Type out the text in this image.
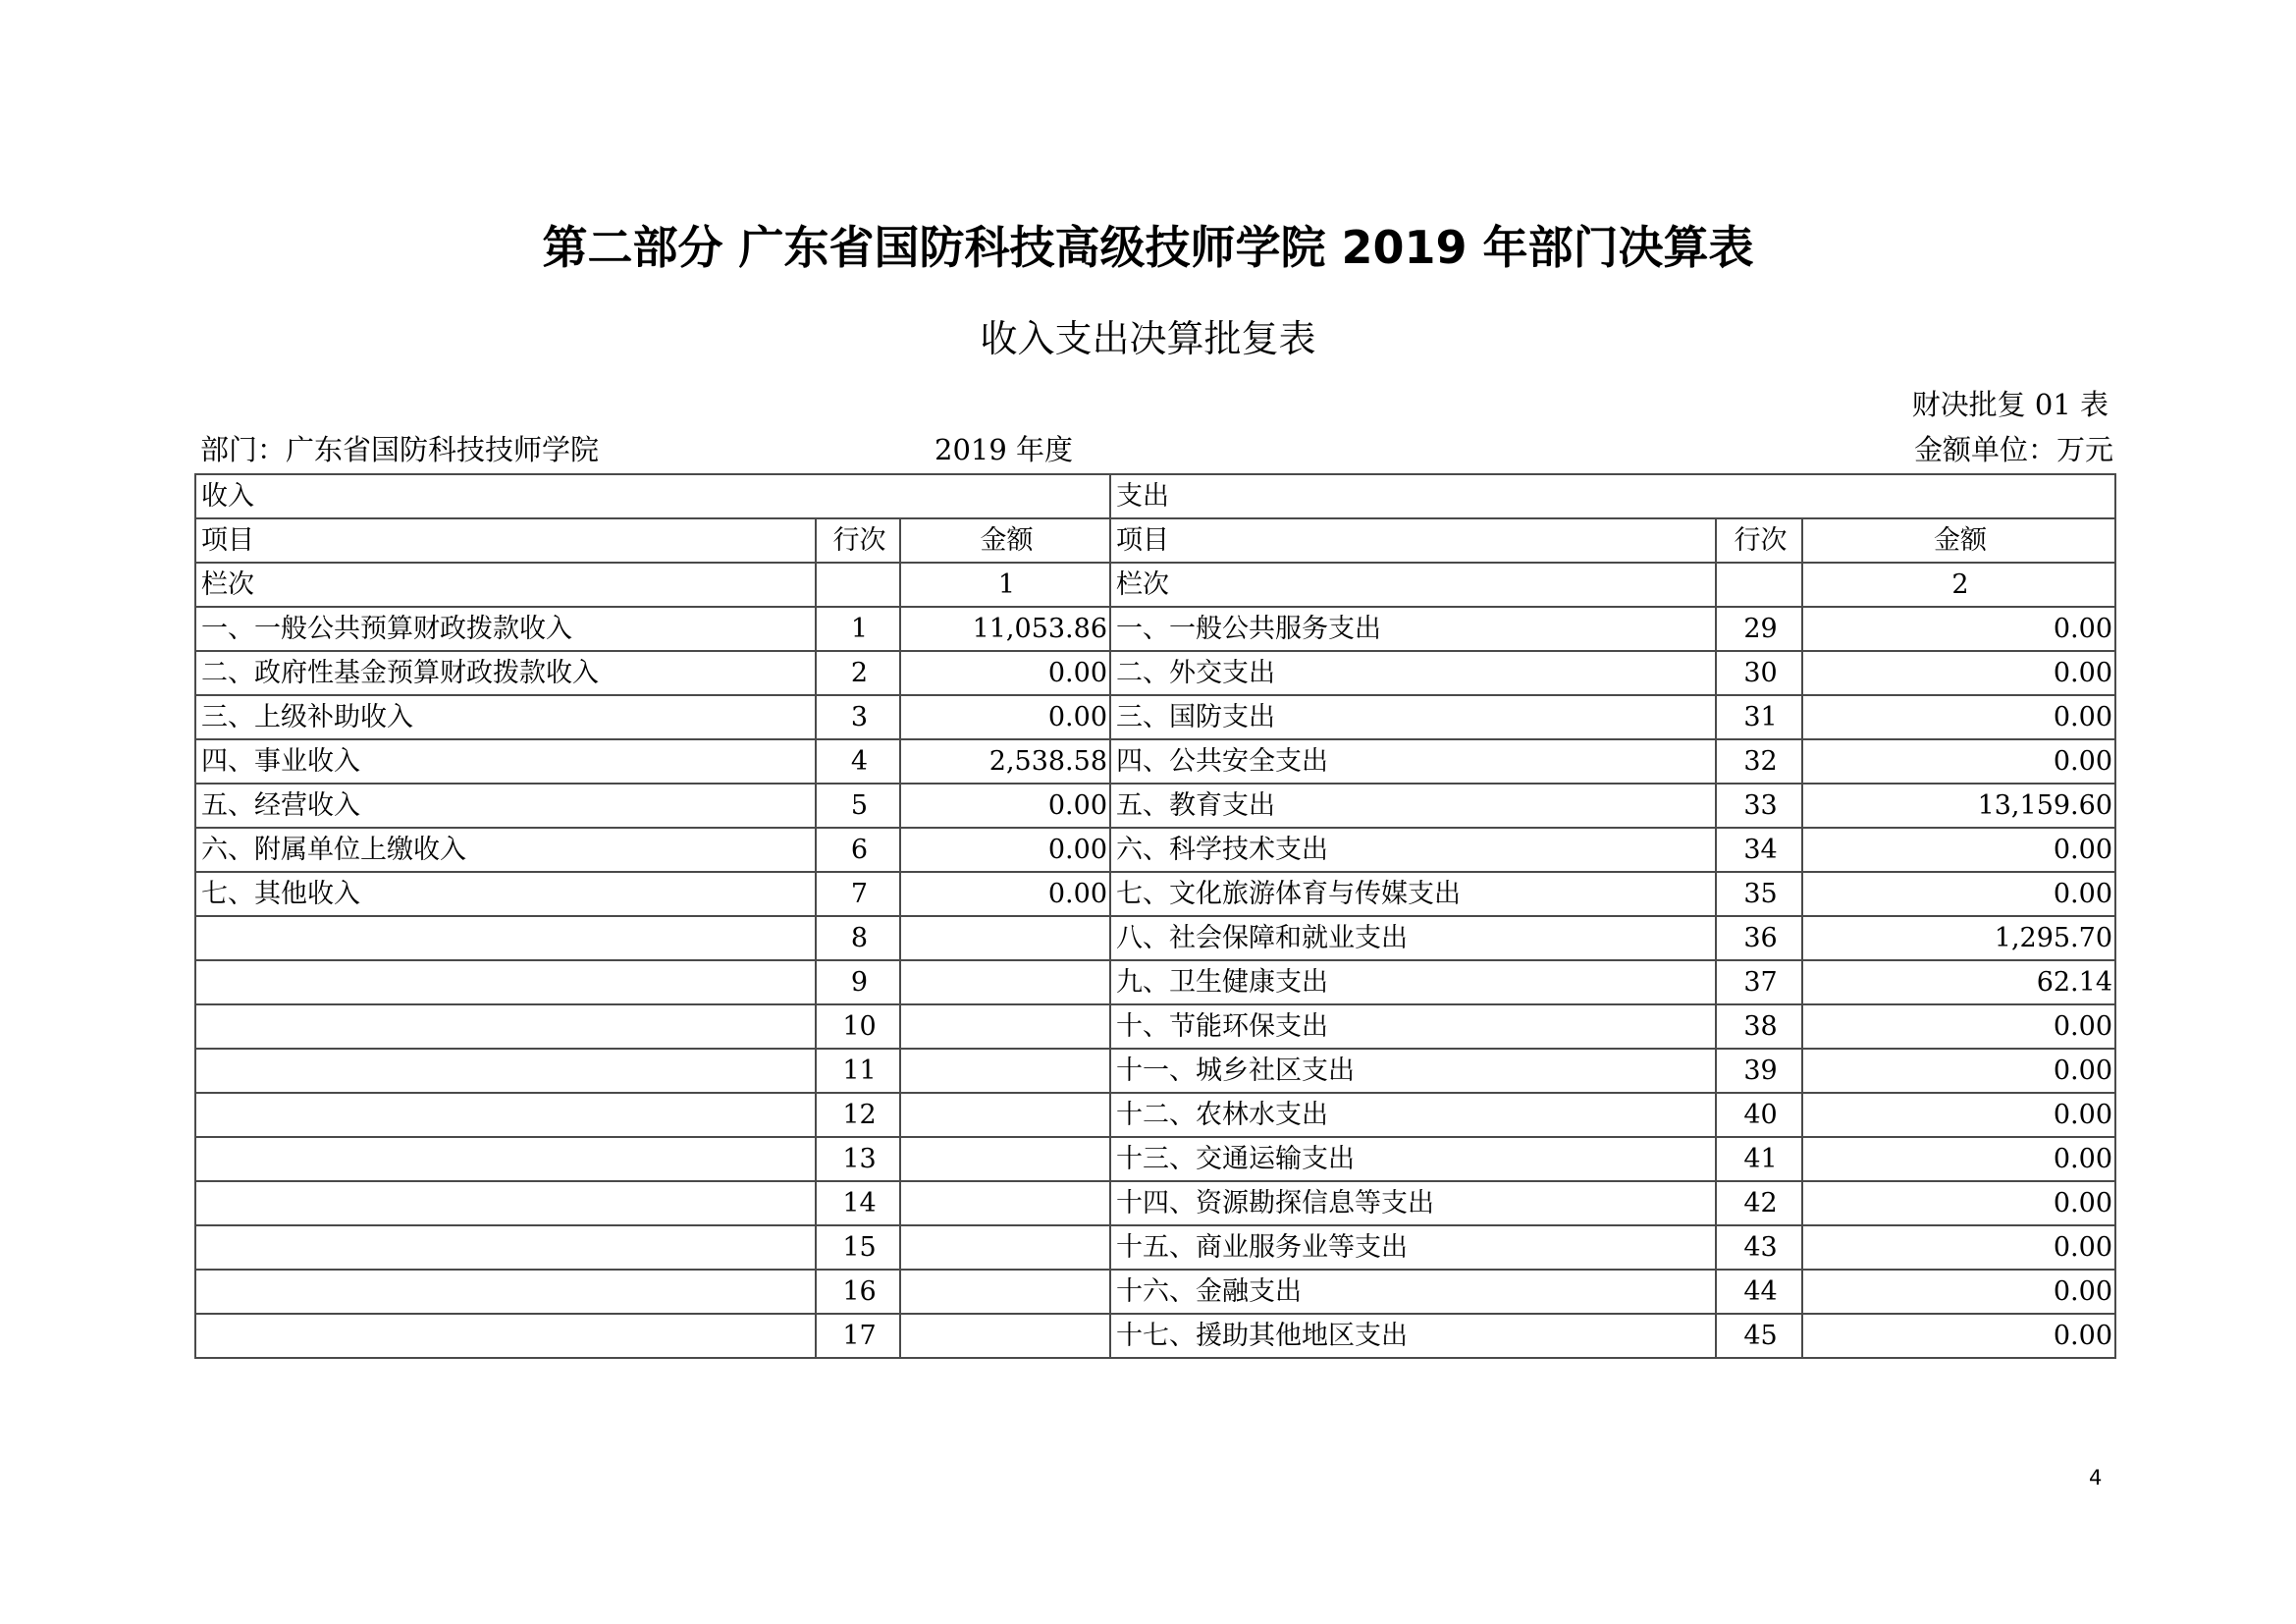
第二部分 广东省国防科技高级技师学院 2019 年部门决算表
收入支出决算批复表
财决批复 01 表
部门：广东省国防科技技师学院	2019 年度	金额单位：万元
收入			支出		
项目	行次	金额	项目	行次	金额
栏次		1	栏次		2
一、一般公共预算财政拨款收入	1	11,053.86	一、一般公共服务支出	29	0.00
二、政府性基金预算财政拨款收入	2	0.00	二、外交支出	30	0.00
三、上级补助收入	3	0.00	三、国防支出	31	0.00
四、事业收入	4	2,538.58	四、公共安全支出	32	0.00
五、经营收入	5	0.00	五、教育支出	33	13,159.60
六、附属单位上缴收入	6	0.00	六、科学技术支出	34	0.00
七、其他收入	7	0.00	七、文化旅游体育与传媒支出	35	0.00
	8		八、社会保障和就业支出	36	1,295.70
	9		九、卫生健康支出	37	62.14
	10		十、节能环保支出	38	0.00
	11		十一、城乡社区支出	39	0.00
	12		十二、农林水支出	40	0.00
	13		十三、交通运输支出	41	0.00
	14		十四、资源勘探信息等支出	42	0.00
	15		十五、商业服务业等支出	43	0.00
	16		十六、金融支出	44	0.00
	17		十七、援助其他地区支出	45	0.00
4
